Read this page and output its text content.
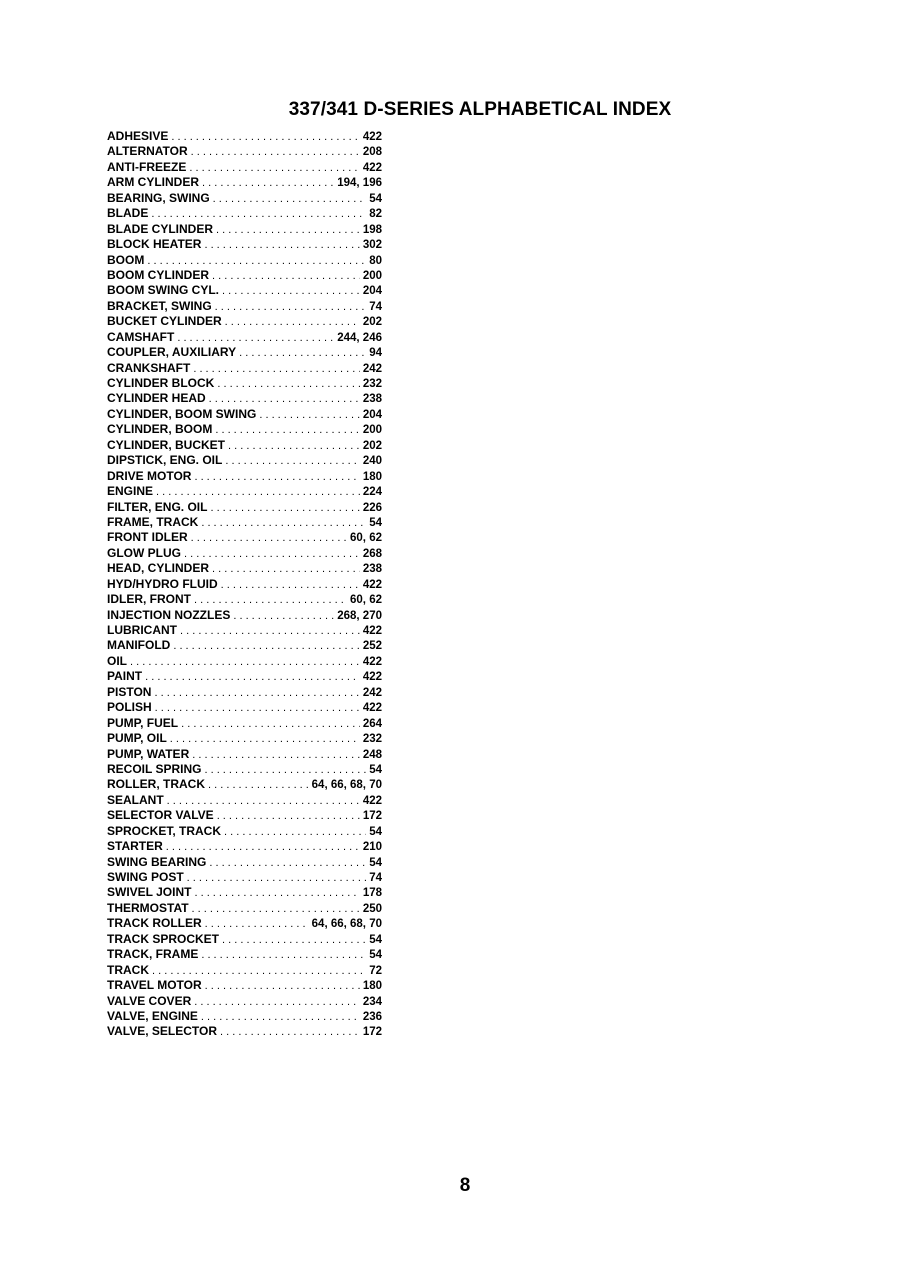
337/341 D-SERIES ALPHABETICAL INDEX
ADHESIVE . . .	422
ALTERNATOR . . .	208
ANTI-FREEZE . . .	422
ARM CYLINDER . . .	194, 196
BEARING, SWING . . .	54
BLADE . . .	82
BLADE CYLINDER . . .	198
BLOCK HEATER . . .	302
BOOM . . .	80
BOOM CYLINDER . . .	200
BOOM SWING CYL. . . .	204
BRACKET, SWING . . .	74
BUCKET CYLINDER . . .	202
CAMSHAFT . . .	244, 246
COUPLER, AUXILIARY . . .	94
CRANKSHAFT . . .	242
CYLINDER BLOCK . . .	232
CYLINDER HEAD . . .	238
CYLINDER, BOOM SWING . . .	204
CYLINDER, BOOM . . .	200
CYLINDER, BUCKET . . .	202
DIPSTICK, ENG. OIL . . .	240
DRIVE MOTOR . . .	180
ENGINE . . .	224
FILTER, ENG. OIL . . .	226
FRAME, TRACK . . .	54
FRONT IDLER . . .	60, 62
GLOW PLUG . . .	268
HEAD, CYLINDER . . .	238
HYD/HYDRO FLUID . . .	422
IDLER, FRONT . . .	60, 62
INJECTION NOZZLES . . .	268, 270
LUBRICANT . . .	422
MANIFOLD . . .	252
OIL . . .	422
PAINT . . .	422
PISTON . . .	242
POLISH . . .	422
PUMP, FUEL . . .	264
PUMP, OIL . . .	232
PUMP, WATER . . .	248
RECOIL SPRING . . .	54
ROLLER, TRACK . . .	64, 66, 68, 70
SEALANT . . .	422
SELECTOR VALVE . . .	172
SPROCKET, TRACK . . .	54
STARTER . . .	210
SWING BEARING . . .	54
SWING POST . . .	74
SWIVEL JOINT . . .	178
THERMOSTAT . . .	250
TRACK ROLLER . . .	64, 66, 68, 70
TRACK SPROCKET . . .	54
TRACK, FRAME . . .	54
TRACK . . .	72
TRAVEL MOTOR . . .	180
VALVE COVER . . .	234
VALVE, ENGINE . . .	236
VALVE, SELECTOR . . .	172
8
